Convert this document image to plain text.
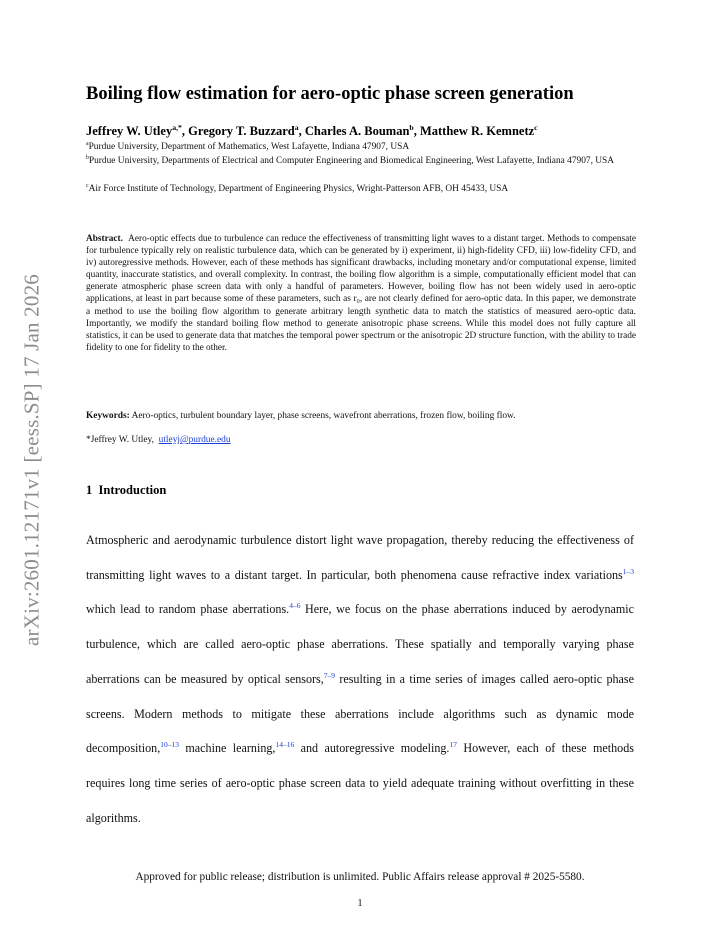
arXiv:2601.12171v1 [eess.SP] 17 Jan 2026
Boiling flow estimation for aero-optic phase screen generation
Jeffrey W. Utley$^{a,*}$, Gregory T. Buzzard$^a$, Charles A. Bouman$^b$, Matthew R. Kemnetz$^c$
$^a$Purdue University, Department of Mathematics, West Lafayette, Indiana 47907, USA
$^b$Purdue University, Departments of Electrical and Computer Engineering and Biomedical Engineering, West Lafayette, Indiana 47907, USA
$^c$Air Force Institute of Technology, Department of Engineering Physics, Wright-Patterson AFB, OH 45433, USA
Abstract. Aero-optic effects due to turbulence can reduce the effectiveness of transmitting light waves to a distant target. Methods to compensate for turbulence typically rely on realistic turbulence data, which can be generated by i) experiment, ii) high-fidelity CFD, iii) low-fidelity CFD, and iv) autoregressive methods. However, each of these methods has significant drawbacks, including monetary and/or computational expense, limited quantity, inaccurate statistics, and overall complexity. In contrast, the boiling flow algorithm is a simple, computationally efficient model that can generate atmospheric phase screen data with only a handful of parameters. However, boiling flow has not been widely used in aero-optic applications, at least in part because some of these parameters, such as r₀, are not clearly defined for aero-optic data. In this paper, we demonstrate a method to use the boiling flow algorithm to generate arbitrary length synthetic data to match the statistics of measured aero-optic data. Importantly, we modify the standard boiling flow method to generate anisotropic phase screens. While this model does not fully capture all statistics, it can be used to generate data that matches the temporal power spectrum or the anisotropic 2D structure function, with the ability to trade fidelity to one for fidelity to the other.
Keywords: Aero-optics, turbulent boundary layer, phase screens, wavefront aberrations, frozen flow, boiling flow.
*Jeffrey W. Utley, utleyj@purdue.edu
1 Introduction
Atmospheric and aerodynamic turbulence distort light wave propagation, thereby reducing the effectiveness of transmitting light waves to a distant target. In particular, both phenomena cause refractive index variations$^{1-3}$ which lead to random phase aberrations.$^{4-6}$ Here, we focus on the phase aberrations induced by aerodynamic turbulence, which are called aero-optic phase aberrations. These spatially and temporally varying phase aberrations can be measured by optical sensors,$^{7-9}$ resulting in a time series of images called aero-optic phase screens. Modern methods to mitigate these aberrations include algorithms such as dynamic mode decomposition,$^{10-13}$ machine learning,$^{14-16}$ and autoregressive modeling.$^{17}$ However, each of these methods requires long time series of aero-optic phase screen data to yield adequate training without overfitting in these algorithms.
Approved for public release; distribution is unlimited. Public Affairs release approval # 2025-5580.
1
